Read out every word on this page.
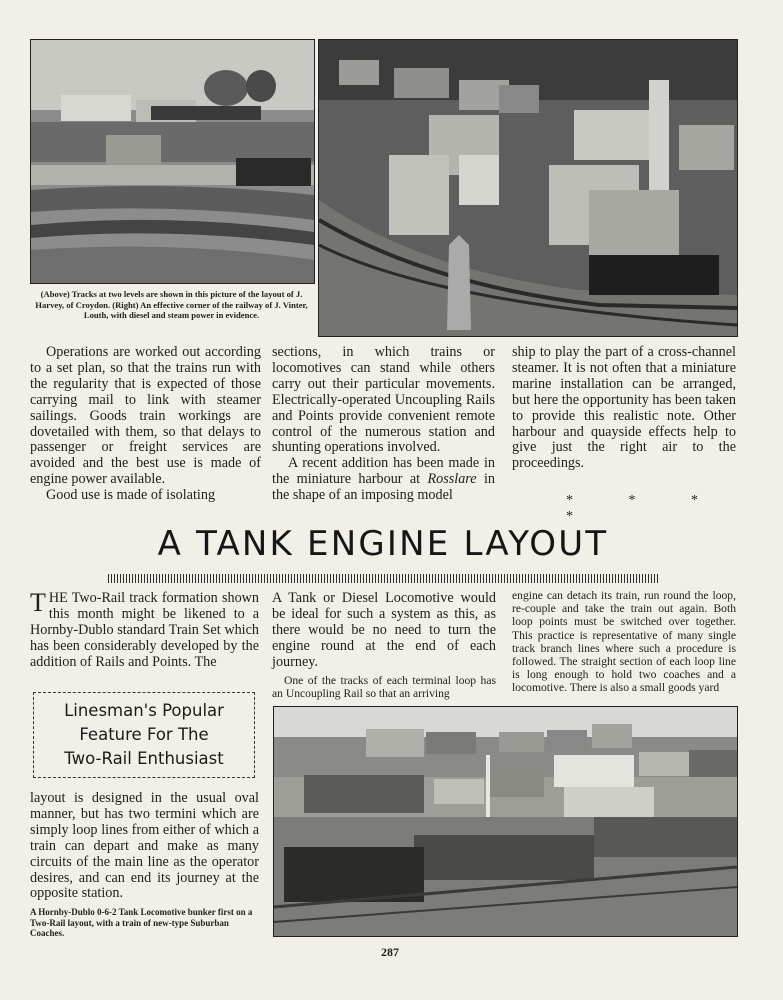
(Above) Tracks at two levels are shown in this picture of the layout of J. Harvey, of Croydon. (Right) An effective corner of the railway of J. Vinter, Louth, with diesel and steam power in evidence.

Operations are worked out according to a set plan, so that the trains run with the regularity that is expected of those carrying mail to link with steamer sailings. Goods train workings are dovetailed with them, so that delays to passenger or freight services are avoided and the best use is made of engine power available.

Good use is made of isolating

sections, in which trains or locomotives can stand while others carry out their particular movements. Electrically-operated Uncoupling Rails and Points provide convenient remote control of the numerous station and shunting operations involved.

A recent addition has been made in the miniature harbour at Rosslare in the shape of an imposing model

ship to play the part of a cross-channel steamer. It is not often that a miniature marine installation can be arranged, but here the opportunity has been taken to provide this realistic note. Other harbour and quayside effects help to give just the right air to the proceedings.

* * * *
A TANK ENGINE LAYOUT

THE Two-Rail track formation shown this month might be likened to a Hornby-Dublo standard Train Set which has been considerably developed by the addition of Rails and Points. The

Linesman's Popular
Feature For The
Two-Rail Enthusiast

layout is designed in the usual oval manner, but has two termini which are simply loop lines from either of which a train can depart and make as many circuits of the main line as the operator desires, and can end its journey at the opposite station.

A Hornby-Dublo 0-6-2 Tank Locomotive bunker first on a Two-Rail layout, with a train of new-type Suburban Coaches.

A Tank or Diesel Locomotive would be ideal for such a system as this, as there would be no need to turn the engine round at the end of each journey.

One of the tracks of each terminal loop has an Uncoupling Rail so that an arriving

engine can detach its train, run round the loop, re-couple and take the train out again. Both loop points must be switched over together. This practice is representative of many single track branch lines where such a procedure is followed. The straight section of each loop line is long enough to hold two coaches and a locomotive. There is also a small goods yard

287
